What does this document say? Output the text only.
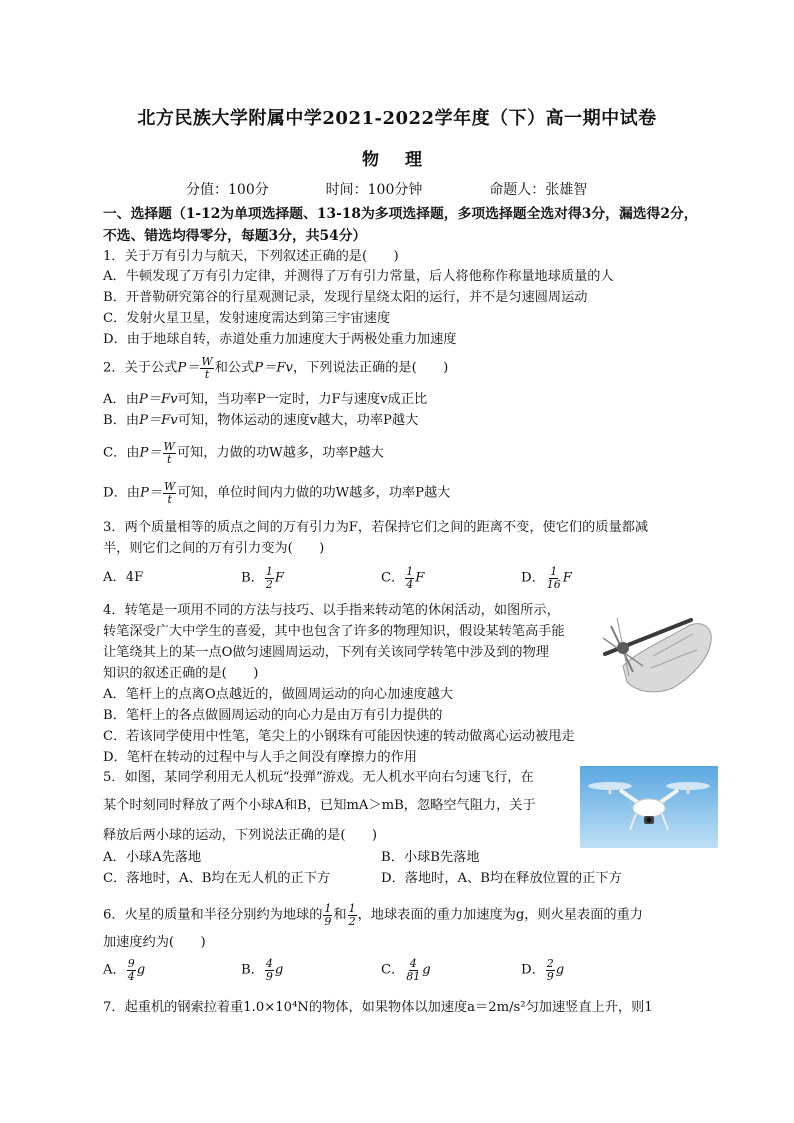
北方民族大学附属中学2021-2022学年度（下）高一期中试卷
物 理
分值：100分	时间：100分钟	命题人：张雄智
一、选择题（1-12为单项选择题、13-18为多项选择题，多项选择题全选对得3分，漏选得2分，
不选、错选均得零分，每题3分，共54分）
1．关于万有引力与航天，下列叙述正确的是(　　)
A．牛顿发现了万有引力定律，并测得了万有引力常量，后人将他称作称量地球质量的人
B．开普勒研究第谷的行星观测记录，发现行星绕太阳的运行，并不是匀速圆周运动
C．发射火星卫星，发射速度需达到第三宇宙速度
D．由于地球自转，赤道处重力加速度大于两极处重力加速度
2．关于公式$P= \frac{W}{t}$ 和公式P＝Fv，下列说法正确的是(　　)
A．由P＝Fv可知，当功率P一定时，力F与速度v成正比
B．由P＝Fv可知，物体运动的速度v越大，功率P越大
C．由$P= \frac{W}{t}$ 可知，力做的功W越多，功率P越大
D．由$P= \frac{W}{t}$ 可知，单位时间内力做的功W越多，功率P越大
3．两个质量相等的质点之间的万有引力为F，若保持它们之间的距离不变，使它们的质量都减
半，则它们之间的万有引力变为(　　)
A．4F	B． $\frac{1}{2}$ F	C． $\frac{1}{4}$ F	D． $\frac{1}{16}$ F
4．转笔是一项用不同的方法与技巧、以手指来转动笔的休闲活动，如图所示，
转笔深受广大中学生的喜爱，其中也包含了许多的物理知识，假设某转笔高手能
让笔绕其上的某一点O做匀速圆周运动，下列有关该同学转笔中涉及到的物理
知识的叙述正确的是(　　)
A．笔杆上的点离O点越近的，做圆周运动的向心加速度越大
B．笔杆上的各点做圆周运动的向心力是由万有引力提供的
C．若该同学使用中性笔，笔尖上的小钢珠有可能因快速的转动做离心运动被甩走
D．笔杆在转动的过程中与人手之间没有摩擦力的作用
5．如图，某同学利用无人机玩“投弹”游戏。无人机水平向右匀速飞行，在
某个时刻同时释放了两个小球A和B，已知mA＞mB，忽略空气阻力，关于
释放后两小球的运动，下列说法正确的是(　　)
A．小球A先落地	B．小球B先落地
C．落地时，A、B均在无人机的正下方	D．落地时，A、B均在释放位置的正下方
6．火星的质量和半径分别约为地球的 $\frac{1}{9}$ 和 $\frac{1}{2}$ ，地球表面的重力加速度为g，则火星表面的重力
加速度约为(　　)
A． $\frac{9}{4}$ g	B． $\frac{4}{9}$ g	C． $\frac{4}{81}$ g	D． $\frac{2}{9}$ g
7．起重机的钢索拉着重1.0×10⁴N的物体，如果物体以加速度a＝2m/s²匀加速竖直上升，则1
